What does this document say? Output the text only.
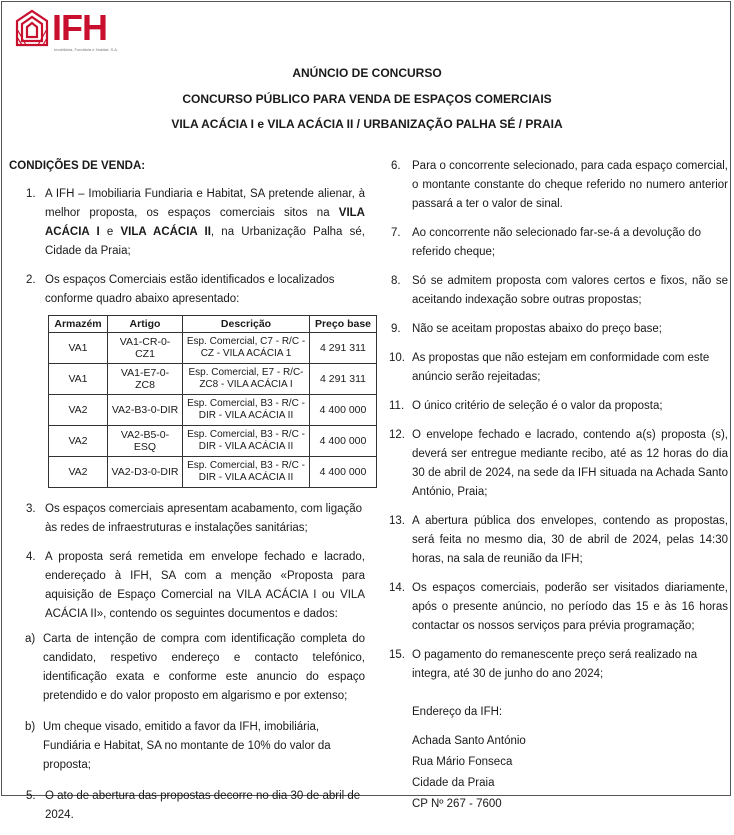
IFH
Imobiliária, Fundiária e Habitat, S.A.
ANÚNCIO DE CONCURSO
CONCURSO PÚBLICO PARA VENDA DE ESPAÇOS COMERCIAIS
VILA ACÁCIA I e VILA ACÁCIA II / URBANIZAÇÃO PALHA SÉ / PRAIA
CONDIÇÕES DE VENDA:
1. A IFH – Imobiliaria Fundiaria e Habitat, SA pretende alienar, à melhor proposta, os espaços comerciais sitos na VILA ACÁCIA I e VILA ACÁCIA II, na Urbanização Palha sé, Cidade da Praia;
2. Os espaços Comerciais estão identificados e localizados conforme quadro abaixo apresentado:
Armazém	Artigo	Descrição	Preço base
VA1	VA1-CR-0-CZ1	Esp. Comercial, C7 - R/C - CZ - VILA ACÁCIA 1	4 291 311
VA1	VA1-E7-0-ZC8	Esp. Comercial, E7 - R/C-ZC8 - VILA ACÁCIA I	4 291 311
VA2	VA2-B3-0-DIR	Esp. Comercial, B3 - R/C - DIR - VILA ACÁCIA II	4 400 000
VA2	VA2-B5-0-ESQ	Esp. Comercial, B3 - R/C - DIR - VILA ACÁCIA II	4 400 000
VA2	VA2-D3-0-DIR	Esp. Comercial, B3 - R/C - DIR - VILA ACÁCIA II	4 400 000
3. Os espaços comerciais apresentam acabamento, com ligação às redes de infraestruturas e instalações sanitárias;
4. A proposta será remetida em envelope fechado e lacrado, endereçado à IFH, SA com a menção «Proposta para aquisição de Espaço Comercial na VILA ACÁCIA I ou VILA ACÁCIA II», contendo os seguintes documentos e dados:
a) Carta de intenção de compra com identificação completa do candidato, respetivo endereço e contacto telefónico, identificação exata e conforme este anuncio do espaço pretendido e do valor proposto em algarismo e por extenso;
b) Um cheque visado, emitido a favor da IFH, imobiliária, Fundiária e Habitat, SA no montante de 10% do valor da proposta;
5. O ato de abertura das propostas decorre no dia 30 de abril de 2024.
6. Para o concorrente selecionado, para cada espaço comercial, o montante constante do cheque referido no numero anterior passará a ter o valor de sinal.
7. Ao concorrente não selecionado far-se-á a devolução do referido cheque;
8. Só se admitem proposta com valores certos e fixos, não se aceitando indexação sobre outras propostas;
9. Não se aceitam propostas abaixo do preço base;
10. As propostas que não estejam em conformidade com este anúncio serão rejeitadas;
11. O único critério de seleção é o valor da proposta;
12. O envelope fechado e lacrado, contendo a(s) proposta (s), deverá ser entregue mediante recibo, até as 12 horas do dia 30 de abril de 2024, na sede da IFH situada na Achada Santo António, Praia;
13. A abertura pública dos envelopes, contendo as propostas, será feita no mesmo dia, 30 de abril de 2024, pelas 14:30 horas, na sala de reunião da IFH;
14. Os espaços comerciais, poderão ser visitados diariamente, após o presente anúncio, no período das 15 e às 16 horas contactar os nossos serviços para prévia programação;
15. O pagamento do remanescente preço será realizado na integra, até 30 de junho do ano 2024;
Endereço da IFH:
Achada Santo António
Rua Mário Fonseca
Cidade da Praia
CP Nº 267 - 7600
